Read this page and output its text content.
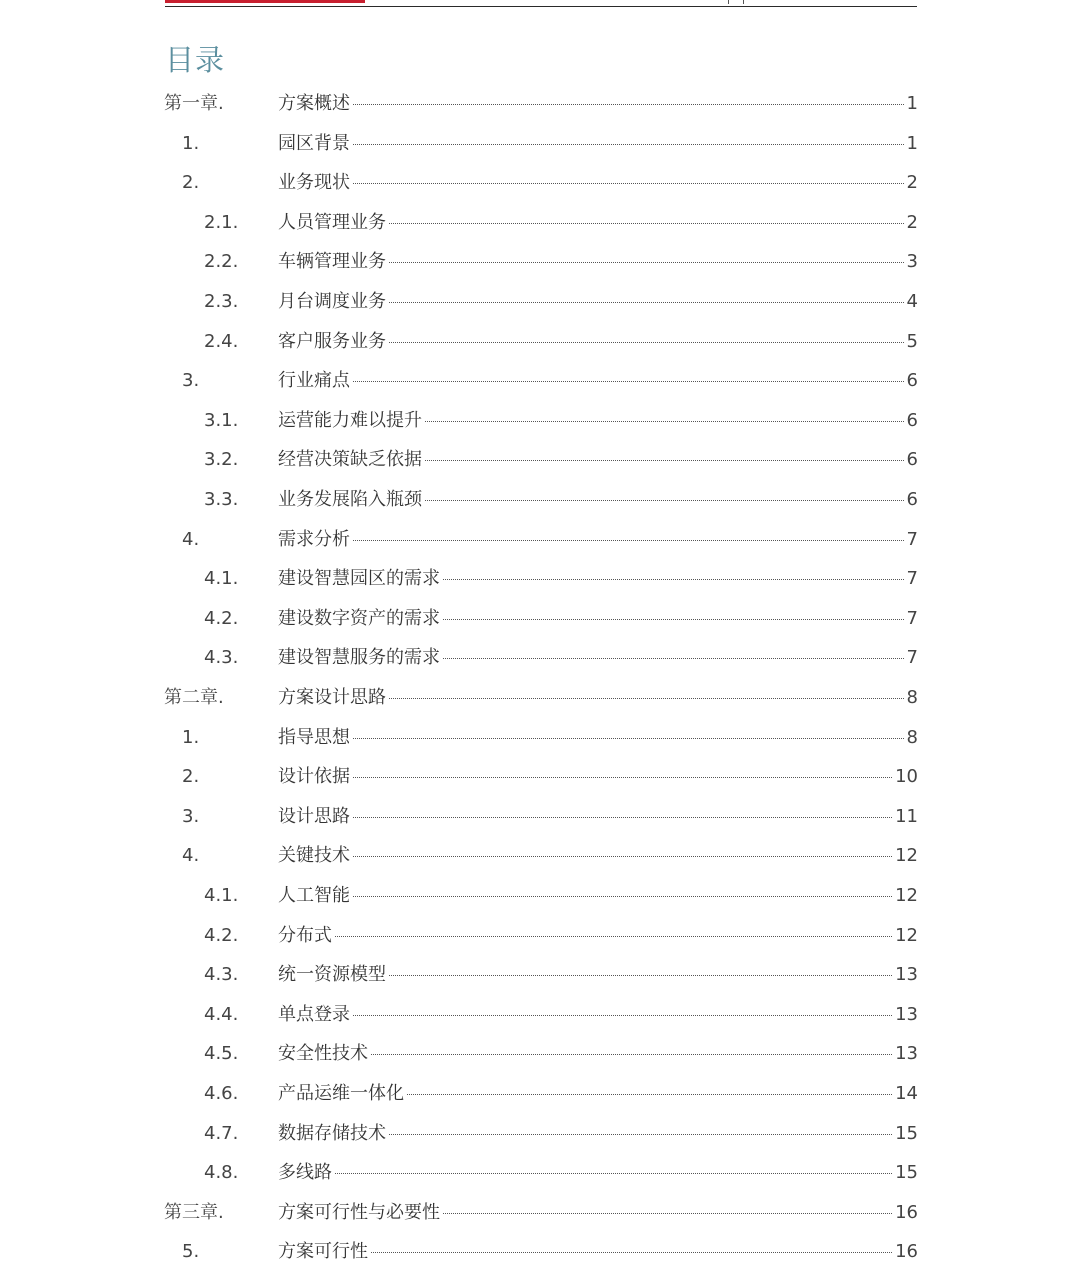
目录
第一章.	方案概述	1
1.	园区背景	1
2.	业务现状	2
2.1. 人员管理业务	2
2.2. 车辆管理业务	3
2.3. 月台调度业务	4
2.4. 客户服务业务	5
3.	行业痛点	6
3.1. 运营能力难以提升	6
3.2. 经营决策缺乏依据	6
3.3. 业务发展陷入瓶颈	6
4.	需求分析	7
4.1. 建设智慧园区的需求	7
4.2. 建设数字资产的需求	7
4.3. 建设智慧服务的需求	7
第二章.	方案设计思路	8
1.	指导思想	8
2.	设计依据	10
3.	设计思路	11
4.	关键技术	12
4.1. 人工智能	12
4.2. 分布式	12
4.3. 统一资源模型	13
4.4. 单点登录	13
4.5. 安全性技术	13
4.6. 产品运维一体化	14
4.7. 数据存储技术	15
4.8. 多线路	15
第三章.	方案可行性与必要性	16
5.	方案可行性	16
